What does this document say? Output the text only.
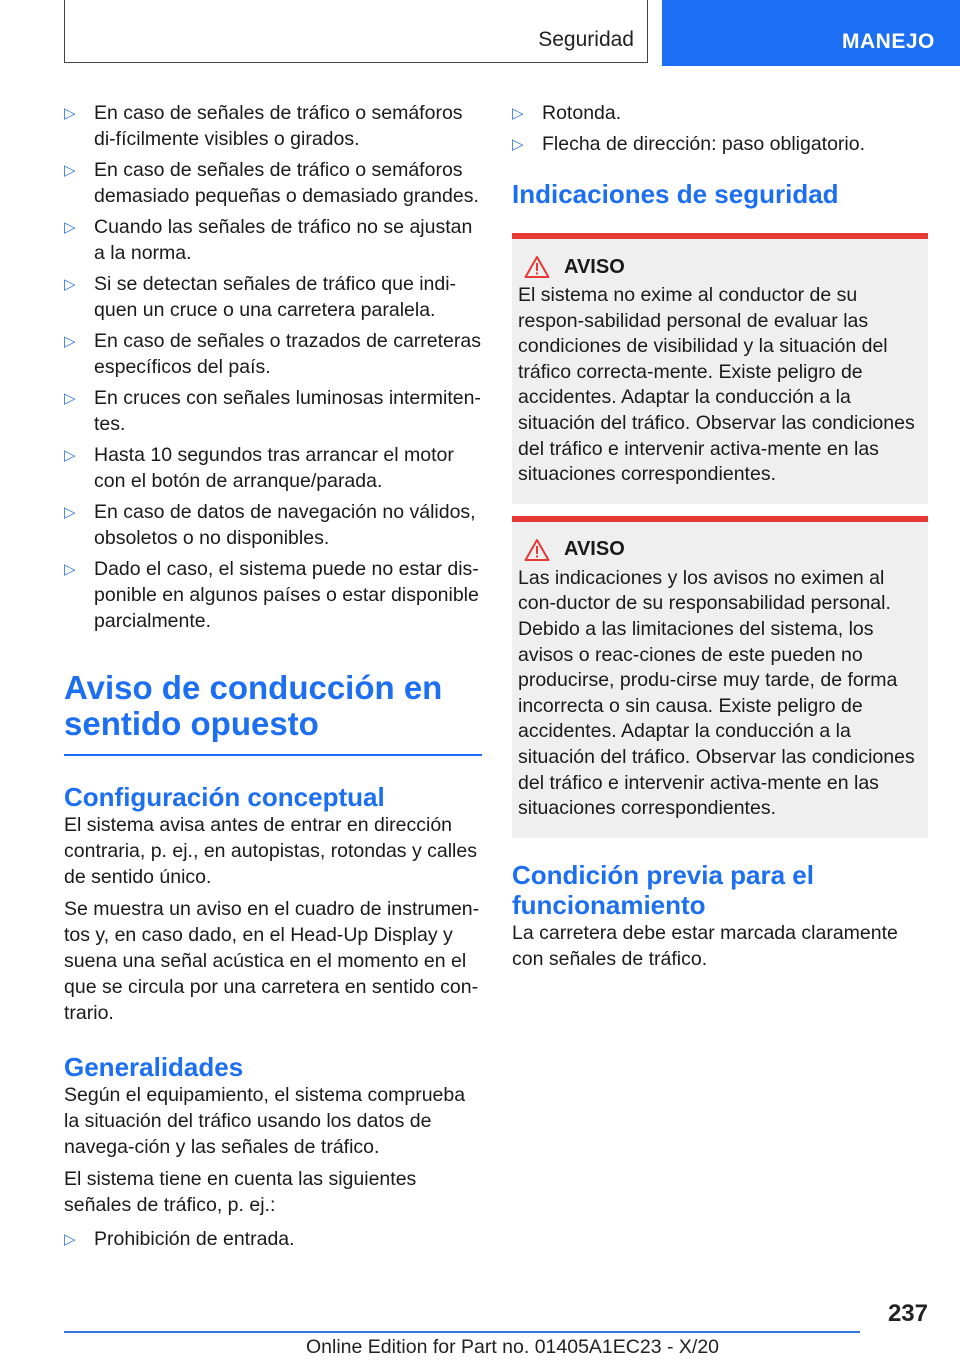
Seguridad	MANEJO
▷ En caso de señales de tráfico o semáforos di-fícilmente visibles o girados.
▷ En caso de señales de tráfico o semáforos demasiado pequeñas o demasiado grandes.
▷ Cuando las señales de tráfico no se ajustan a la norma.
▷ Si se detectan señales de tráfico que indi-quen un cruce o una carretera paralela.
▷ En caso de señales o trazados de carreteras específicos del país.
▷ En cruces con señales luminosas intermiten-tes.
▷ Hasta 10 segundos tras arrancar el motor con el botón de arranque/parada.
▷ En caso de datos de navegación no válidos, obsoletos o no disponibles.
▷ Dado el caso, el sistema puede no estar dis-ponible en algunos países o estar disponible parcialmente.
Aviso de conducción en sentido opuesto
Configuración conceptual

El sistema avisa antes de entrar en dirección contraria, p. ej., en autopistas, rotondas y calles de sentido único.

Se muestra un aviso en el cuadro de instrumen-tos y, en caso dado, en el Head-Up Display y suena una señal acústica en el momento en el que se circula por una carretera en sentido con-trario.

Generalidades

Según el equipamiento, el sistema comprueba la situación del tráfico usando los datos de navega-ción y las señales de tráfico.

El sistema tiene en cuenta las siguientes señales de tráfico, p. ej.:

▷ Prohibición de entrada.
▷ Rotonda.
▷ Flecha de dirección: paso obligatorio.
Indicaciones de seguridad
AVISO

El sistema no exime al conductor de su respon-sabilidad personal de evaluar las condiciones de visibilidad y la situación del tráfico correcta-mente. Existe peligro de accidentes. Adaptar la conducción a la situación del tráfico. Observar las condiciones del tráfico e intervenir activa-mente en las situaciones correspondientes.

AVISO

Las indicaciones y los avisos no eximen al con-ductor de su responsabilidad personal. Debido a las limitaciones del sistema, los avisos o reac-ciones de este pueden no producirse, produ-cirse muy tarde, de forma incorrecta o sin causa. Existe peligro de accidentes. Adaptar la conducción a la situación del tráfico. Observar las condiciones del tráfico e intervenir activa-mente en las situaciones correspondientes.

Condición previa para el funcionamiento

La carretera debe estar marcada claramente con señales de tráfico.

237
Online Edition for Part no. 01405A1EC23 - X/20
